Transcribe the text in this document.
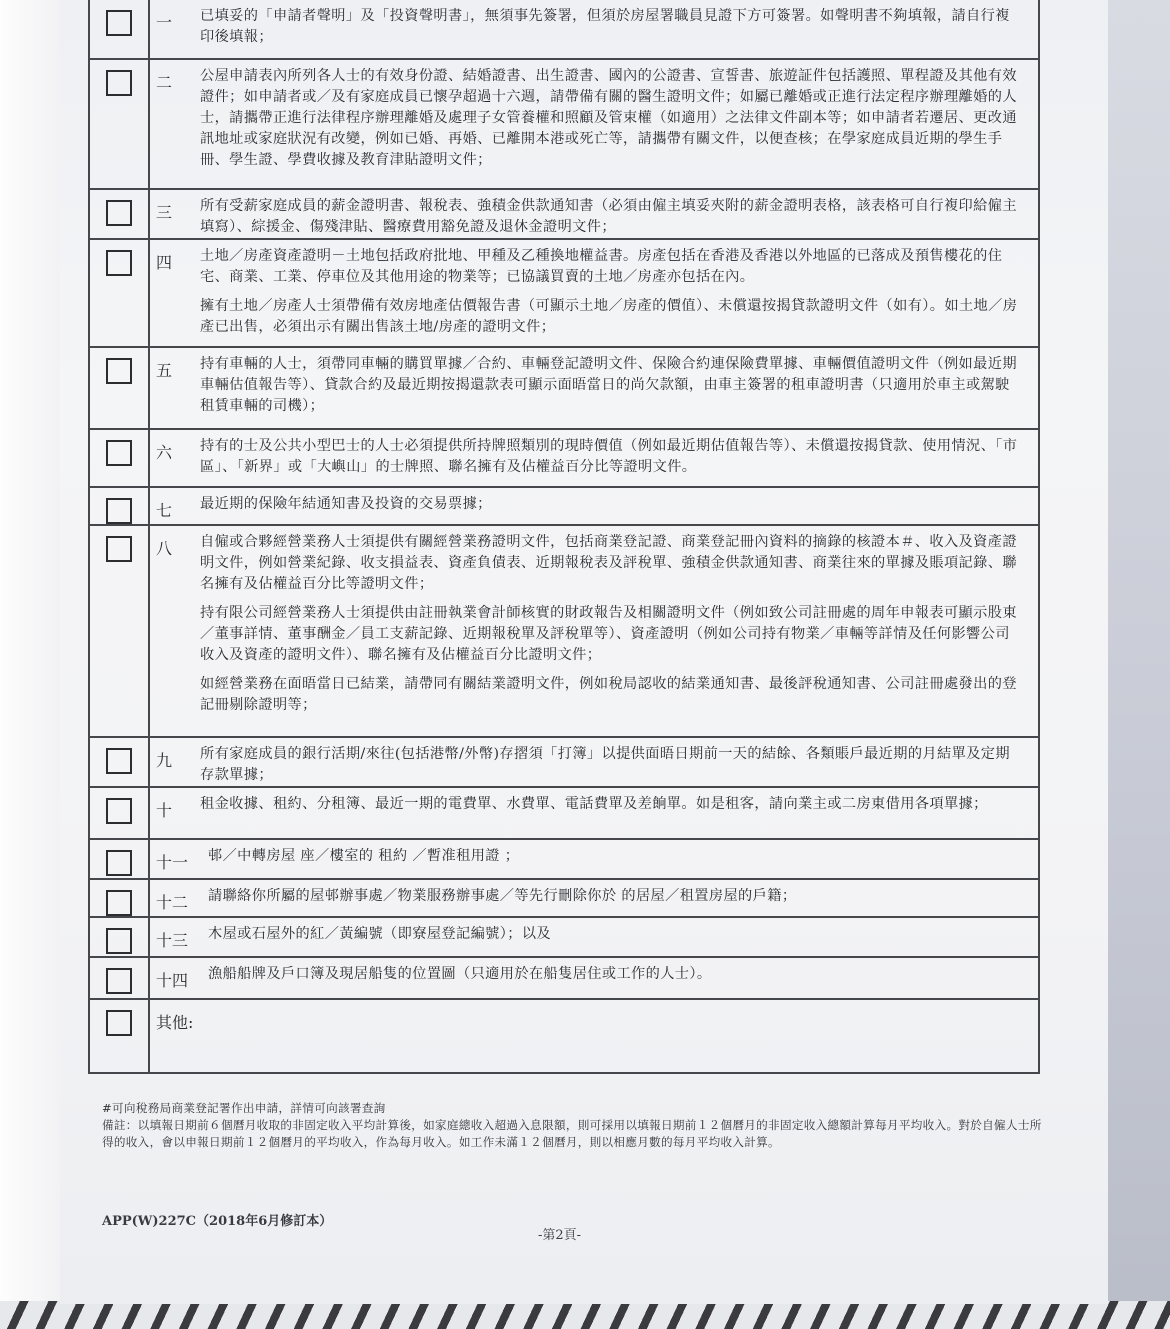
一	已填妥的「申請者聲明」及「投資聲明書」，無須事先簽署，但須於房屋署職員見證下方可簽署。如聲明書不夠填報，請自行複印後填報；

二	公屋申請表內所列各人士的有效身份證、結婚證書、出生證書、國內的公證書、宣誓書、旅遊証件包括護照、單程證及其他有效證件；如申請者或／及有家庭成員已懷孕超過十六週，請帶備有關的醫生證明文件；如屬已離婚或正進行法定程序辦理離婚的人士，請攜帶正進行法律程序辦理離婚及處理子女管養權和照顧及管束權（如適用）之法律文件副本等；如申請者若遷居、更改通訊地址或家庭狀況有改變，例如已婚、再婚、已離開本港或死亡等，請攜帶有關文件，以便查核；在學家庭成員近期的學生手冊、學生證、學費收據及教育津貼證明文件；

三	所有受薪家庭成員的薪金證明書、報稅表、強積金供款通知書（必須由僱主填妥夾附的薪金證明表格，該表格可自行複印給僱主填寫）、綜援金、傷殘津貼、醫療費用豁免證及退休金證明文件；

四	土地／房產資產證明－土地包括政府批地、甲種及乙種換地權益書。房產包括在香港及香港以外地區的已落成及預售樓花的住宅、商業、工業、停車位及其他用途的物業等；已協議買賣的土地／房產亦包括在內。

擁有土地／房產人士須帶備有效房地產估價報告書（可顯示土地／房產的價值）、未償還按揭貸款證明文件（如有）。如土地／房產已出售，必須出示有關出售該土地/房產的證明文件；

五	持有車輛的人士，須帶同車輛的購買單據／合約、車輛登記證明文件、保險合約連保險費單據、車輛價值證明文件（例如最近期車輛估值報告等）、貸款合約及最近期按揭還款表可顯示面晤當日的尚欠款額，由車主簽署的租車證明書（只適用於車主或駕駛租賃車輛的司機）；

六	持有的士及公共小型巴士的人士必須提供所持牌照類別的現時價值（例如最近期估值報告等）、未償還按揭貸款、使用情況、「市區」、「新界」或「大嶼山」的士牌照、聯名擁有及佔權益百分比等證明文件。

七	最近期的保險年結通知書及投資的交易票據；

八	自僱或合夥經營業務人士須提供有關經營業務證明文件，包括商業登記證、商業登記冊內資料的摘錄的核證本＃、收入及資產證明文件，例如營業紀錄、收支損益表、資產負債表、近期報稅表及評稅單、強積金供款通知書、商業往來的單據及賬項記錄、聯名擁有及佔權益百分比等證明文件；

持有限公司經營業務人士須提供由註冊執業會計師核實的財政報告及相關證明文件（例如致公司註冊處的周年申報表可顯示股東／董事詳情、董事酬金／員工支薪記錄、近期報稅單及評稅單等）、資產證明（例如公司持有物業／車輛等詳情及任何影響公司收入及資產的證明文件）、聯名擁有及佔權益百分比證明文件；

如經營業務在面晤當日已結業，請帶同有關結業證明文件，例如稅局認收的結業通知書、最後評稅通知書、公司註冊處發出的登記冊剔除證明等；

九	所有家庭成員的銀行活期/來往(包括港幣/外幣)存摺須「打簿」以提供面晤日期前一天的結餘、各類賬戶最近期的月結單及定期存款單據；

十	租金收據、租約、分租簿、最近一期的電費單、水費單、電話費單及差餉單。如是租客，請向業主或二房東借用各項單據；

十一	邨／中轉房屋 座／樓室的 租約 ／暫准租用證 ；

十二	請聯絡你所屬的屋邨辦事處／物業服務辦事處／等先行刪除你於 的居屋／租置房屋的戶籍；

十三	木屋或石屋外的紅／黃編號（即寮屋登記編號）；以及

十四	漁船船牌及戶口簿及現居船隻的位置圖（只適用於在船隻居住或工作的人士）。

其他:

#可向稅務局商業登記署作出申請，詳情可向該署查詢
備註：以填報日期前６個曆月收取的非固定收入平均計算後，如家庭總收入超過入息限額，則可採用以填報日期前１２個曆月的非固定收入總額計算每月平均收入。對於自僱人士所得的收入，會以申報日期前１２個曆月的平均收入，作為每月收入。如工作未滿１２個曆月，則以相應月數的每月平均收入計算。
APP(W)227C（2018年6月修訂本）
-第2頁-
